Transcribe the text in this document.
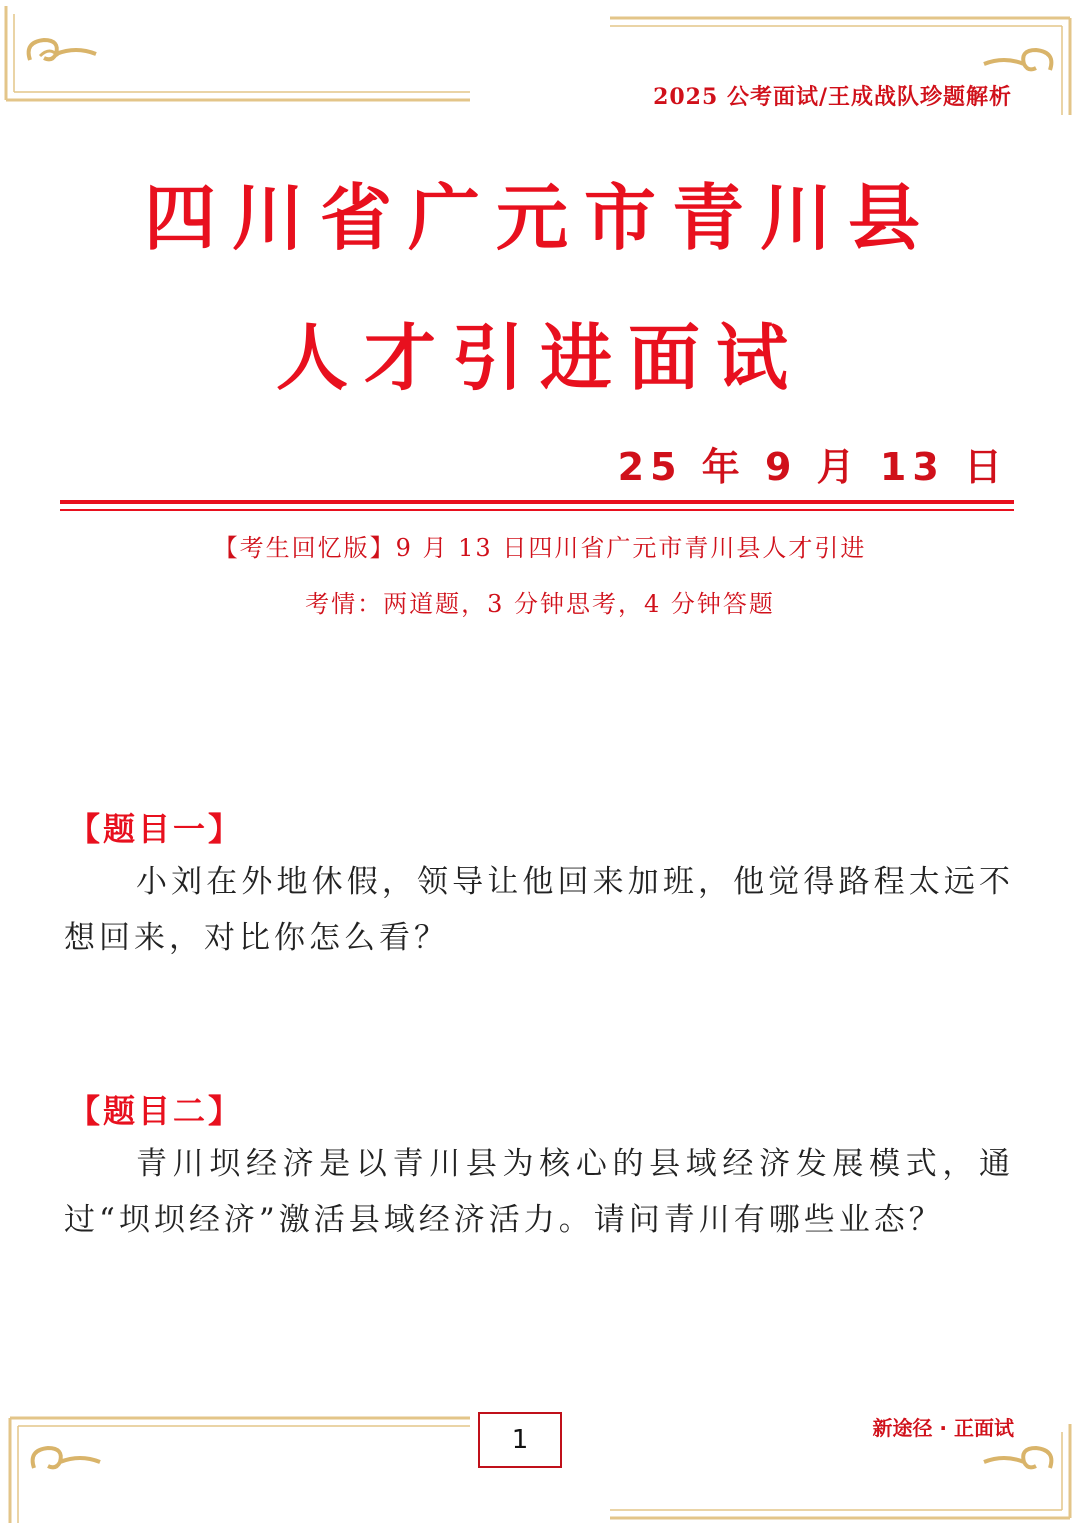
2025 公考面试/王成战队珍题解析
四川省广元市青川县
人才引进面试
25 年 9 月 13 日
【考生回忆版】9 月 13 日四川省广元市青川县人才引进
考情：两道题，3 分钟思考，4 分钟答题
【题目一】
小刘在外地休假，领导让他回来加班，他觉得路程太远不想回来，对比你怎么看？
【题目二】
青川坝经济是以青川县为核心的县域经济发展模式，通过“坝坝经济”激活县域经济活力。请问青川有哪些业态？
1	新途径 · 正面试
